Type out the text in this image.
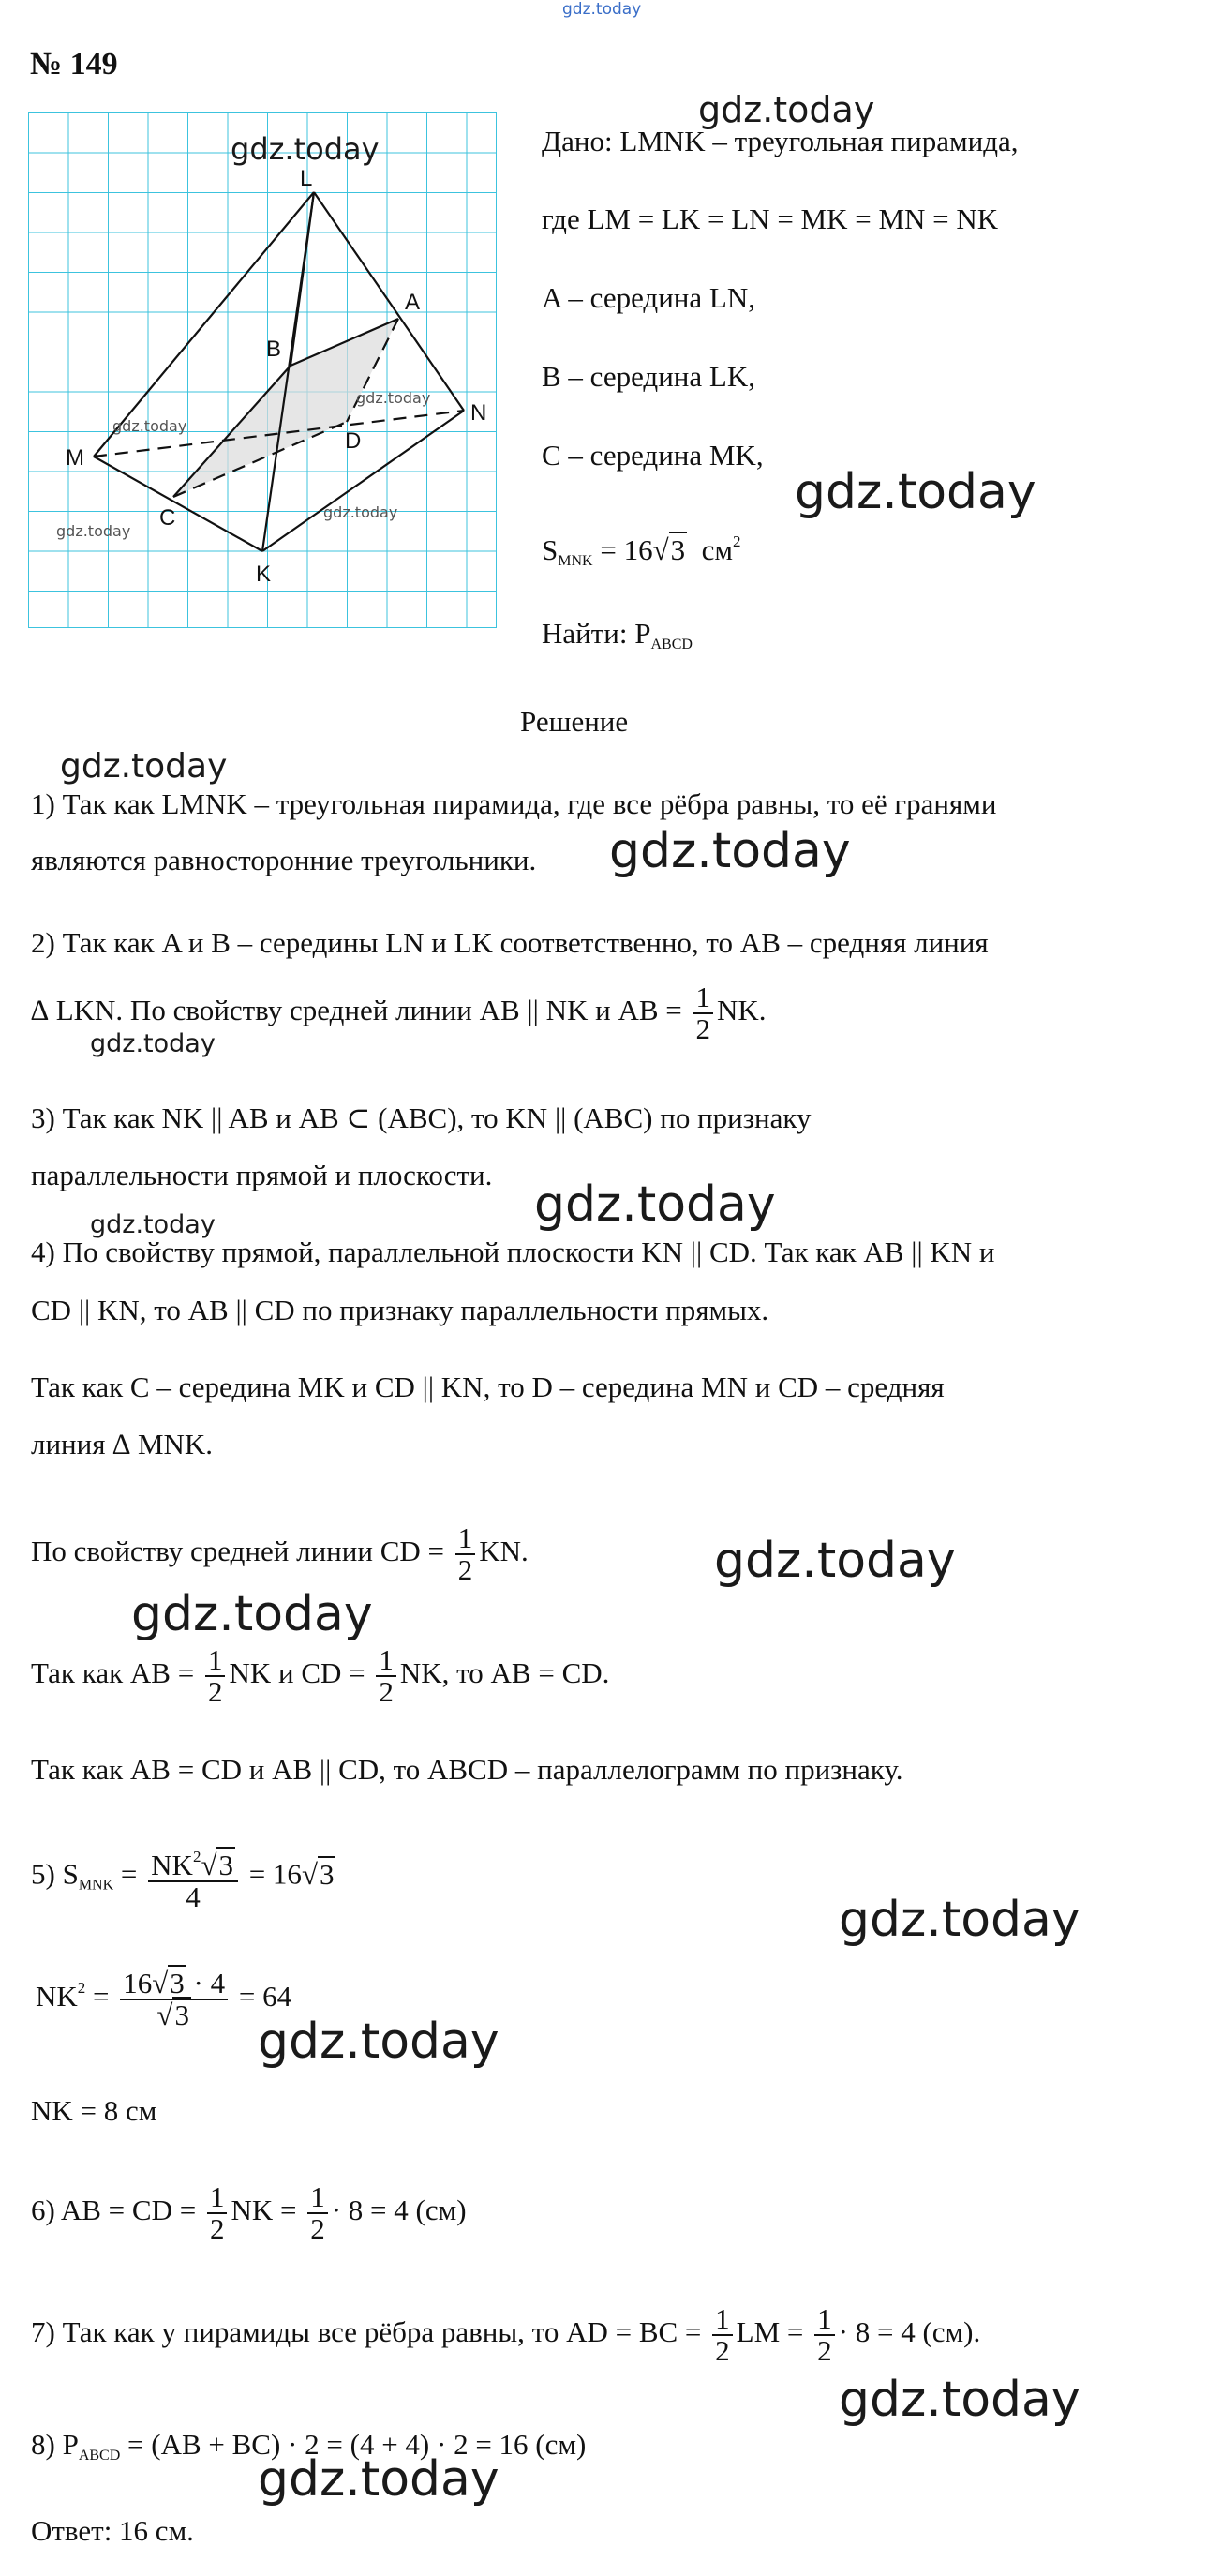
gdz.today
№ 149
L
A
B
N
D
M
C
K
gdz.today
gdz.today
gdz.today
gdz.today
gdz.today
gdz.today
Дано: LMNK – треугольная пирамида,
где LM = LK = LN = MK = MN = NK
A – середина LN,
B – середина LK,
C – середина MK,
gdz.today
$S_{MNK} = 16√3$ $см^2$
Найти: $P_{ABCD}$
Решение
gdz.today
1) Так как LMNK – треугольная пирамида, где все рёбра равны, то её гранями
являются равносторонние треугольники. gdz.today
2) Так как A и B – середины LN и LK соответственно, то AB – средняя линия
∆ LKN. По свойству средней линии AB || NK и AB = $\frac{1}{2}$ NK.
gdz.today
3) Так как NK || AB и AB ⊂ (ABC), то KN || (ABC) по признаку
параллельности прямой и плоскости.
gdz.today	gdz.today
4) По свойству прямой, параллельной плоскости KN || CD. Так как AB || KN и
CD || KN, то AB || CD по признаку параллельности прямых.
Так как C – середина MK и CD || KN, то D – середина MN и CD – средняя
линия ∆ MNK.
По свойству средней линии CD = $\frac{1}{2}$ KN.	gdz.today
gdz.today
Так как AB = $\frac{1}{2}$ NK и CD = $\frac{1}{2}$ NK, то AB = CD.
Так как AB = CD и AB || CD, то ABCD – параллелограмм по признаку.
5) $S_{MNK} = \frac{NK^2√3}{4} = 16√3$
gdz.today
$NK^2 = \frac{16√3 \cdot 4}{√3} = 64$
gdz.today
NK = 8 см
6) AB = CD = $\frac{1}{2}$ NK = $\frac{1}{2} \cdot 8 = 4$ (см)
7) Так как у пирамиды все рёбра равны, то AD = BC = $\frac{1}{2}$ LM = $\frac{1}{2} \cdot 8 = 4$ (см).
gdz.today
8) $P_{ABCD} = (AB + BC) \cdot 2 = (4 + 4) \cdot 2 = 16$ (см)
gdz.today
Ответ: 16 см.
